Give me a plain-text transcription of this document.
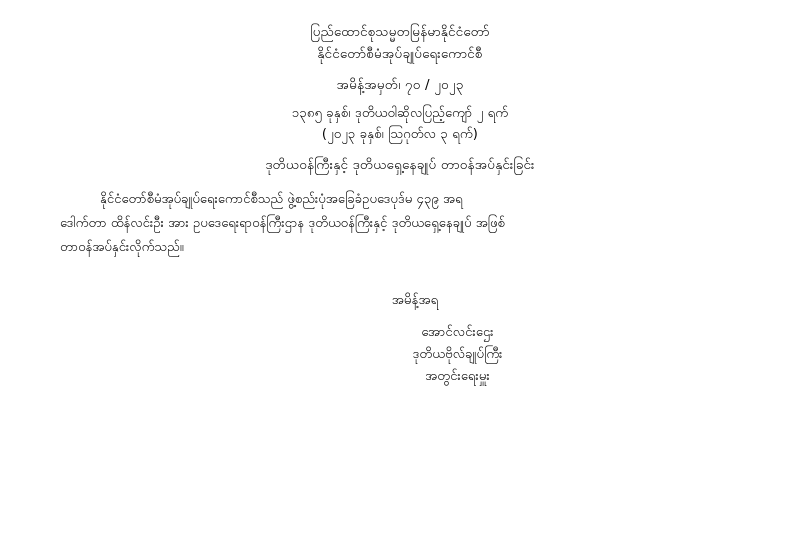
ပြည်ထောင်စုသမ္မတမြန်မာနိုင်ငံတော်
နိုင်ငံတော်စီမံအုပ်ချုပ်ရေးကောင်စီ
အမိန့်အမှတ်၊ ၇၀ / ၂၀၂၃
၁၃၈၅ ခုနှစ်၊ ဒုတိယဝါဆိုလပြည့်ကျော် ၂ ရက်
(၂၀၂၃ ခုနှစ်၊ ဩဂုတ်လ ၃ ရက်)
ဒုတိယဝန်ကြီးနှင့် ဒုတိယရှေ့နေချုပ် တာဝန်အပ်နှင်းခြင်း
နိုင်ငံတော်စီမံအုပ်ချုပ်ရေးကောင်စီသည် ဖွဲ့စည်းပုံအခြေခံဥပဒေပုဒ်မ ၄၃၉ အရ
ဒေါက်တာ ထိန်လင်းဦး အား ဥပဒေရေးရာဝန်ကြီးဌာန ဒုတိယဝန်ကြီးနှင့် ဒုတိယရှေ့နေချုပ် အဖြစ်
တာဝန်အပ်နှင်းလိုက်သည်။
အမိန့်အရ
အောင်လင်းဌေး
ဒုတိယဗိုလ်ချုပ်ကြီး
အတွင်းရေးမှူး
